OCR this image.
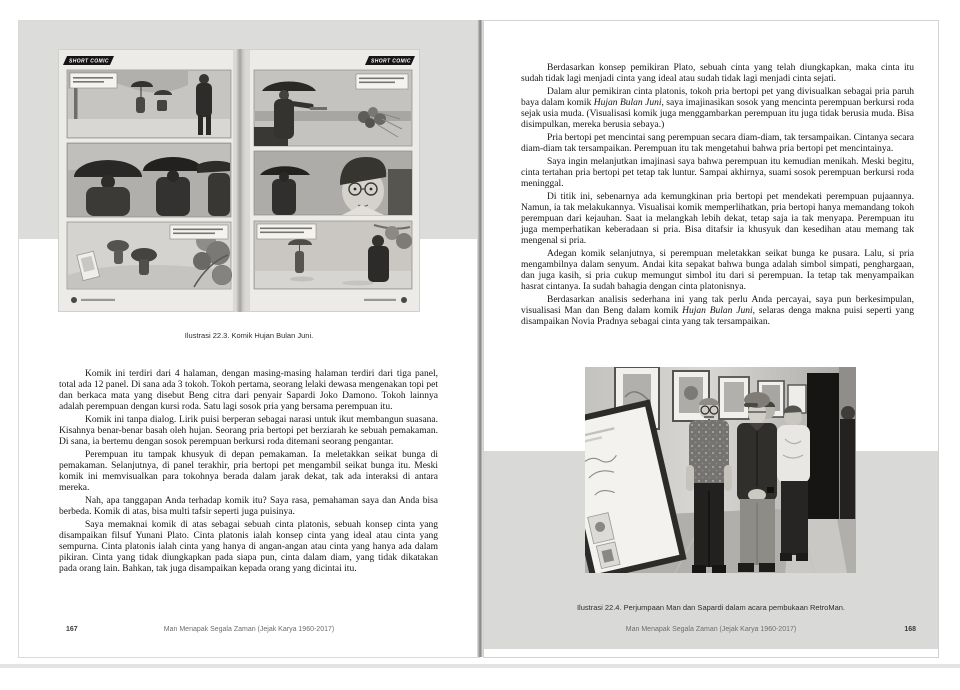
SHORT COMIC	SHORT COMIC
Ilustrasi 22.3. Komik Hujan Bulan Juni.

Komik ini terdiri dari 4 halaman, dengan masing-masing halaman terdiri dari tiga panel, total ada 12 panel. Di sana ada 3 tokoh. Tokoh pertama, seorang lelaki dewasa mengenakan topi pet dan berkaca mata yang disebut Beng citra dari penyair Sapardi Joko Damono. Tokoh lainnya adalah perempuan dengan kursi roda. Satu lagi sosok pria yang bersama perempuan itu.

Komik ini tanpa dialog. Lirik puisi berperan sebagai narasi untuk ikut membangun suasana. Kisahnya benar-benar basah oleh hujan. Seorang pria bertopi pet berziarah ke sebuah pemakaman. Di sana, ia bertemu dengan sosok perempuan berkursi roda ditemani seorang pengantar.

Perempuan itu tampak khusyuk di depan pemakaman. Ia meletakkan seikat bunga di pemakaman. Selanjutnya, di panel terakhir, pria bertopi pet mengambil seikat bunga itu. Meski komik ini memvisualkan para tokohnya berada dalam jarak dekat, tak ada interaksi di antara mereka.

Nah, apa tanggapan Anda terhadap komik itu? Saya rasa, pemahaman saya dan Anda bisa berbeda. Komik di atas, bisa multi tafsir seperti juga puisinya.

Saya memaknai komik di atas sebagai sebuah cinta platonis, sebuah konsep cinta yang disampaikan filsuf Yunani Plato. Cinta platonis ialah konsep cinta yang ideal atau cinta yang sempurna. Cinta platonis ialah cinta yang hanya di angan-angan atau cinta yang hanya ada dalam pikiran. Cinta yang tidak diungkapkan pada siapa pun, cinta dalam diam, yang tidak dikatakan pada orang lain. Bahkan, tak juga disampaikan kepada orang yang dicintai itu.

Man Menapak Segala Zaman (Jejak Karya 1960-2017)
167

Berdasarkan konsep pemikiran Plato, sebuah cinta yang telah diungkapkan, maka cinta itu sudah tidak lagi menjadi cinta yang ideal atau sudah tidak lagi menjadi cinta sejati.

Dalam alur pemikiran cinta platonis, tokoh pria bertopi pet yang divisualkan sebagai pria paruh baya dalam komik Hujan Bulan Juni, saya imajinasikan sosok yang mencinta perempuan berkursi roda sejak usia muda. (Visualisasi komik juga menggambarkan perempuan itu juga tidak berusia muda. Bisa disimpulkan, mereka berusia sebaya.)

Pria bertopi pet mencintai sang perempuan secara diam-diam, tak tersampaikan. Cintanya secara diam-diam tak tersampaikan. Perempuan itu tak mengetahui bahwa pria bertopi pet mencintainya.

Saya ingin melanjutkan imajinasi saya bahwa perempuan itu kemudian menikah. Meski begitu, cinta tertahan pria bertopi pet tetap tak luntur. Sampai akhirnya, suami sosok perempuan berkursi roda meninggal.

Di titik ini, sebenarnya ada kemungkinan pria bertopi pet mendekati perempuan pujaannya. Namun, ia tak melakukannya. Visualisai komik memperlihatkan, pria bertopi hanya memandang tokoh perempuan dari kejauhan. Saat ia melangkah lebih dekat, tetap saja ia tak menyapa. Perempuan itu juga memperhatikan keberadaan si pria. Bisa ditafsir ia khusyuk dan kesedihan atau memang tak mengenal si pria.

Adegan komik selanjutnya, si perempuan meletakkan seikat bunga ke pusara. Lalu, si pria mengambilnya dalam senyum. Andai kita sepakat bahwa bunga adalah simbol simpati, penghargaan, dan juga kasih, si pria cukup memungut simbol itu dari si perempuan. Ia tetap tak menyampaikan hasrat cintanya. Ia sudah bahagia dengan cinta platonisnya.

Berdasarkan analisis sederhana ini yang tak perlu Anda percayai, saya pun berkesimpulan, visualisasi Man dan Beng dalam komik Hujan Bulan Juni, selaras denga makna puisi seperti yang disampaikan Novia Pradnya sebagai cinta yang tak tersampaikan.

Ilustrasi 22.4. Perjumpaan Man dan Sapardi dalam acara pembukaan RetroMan.
Man Menapak Segala Zaman (Jejak Karya 1960-2017)	168
